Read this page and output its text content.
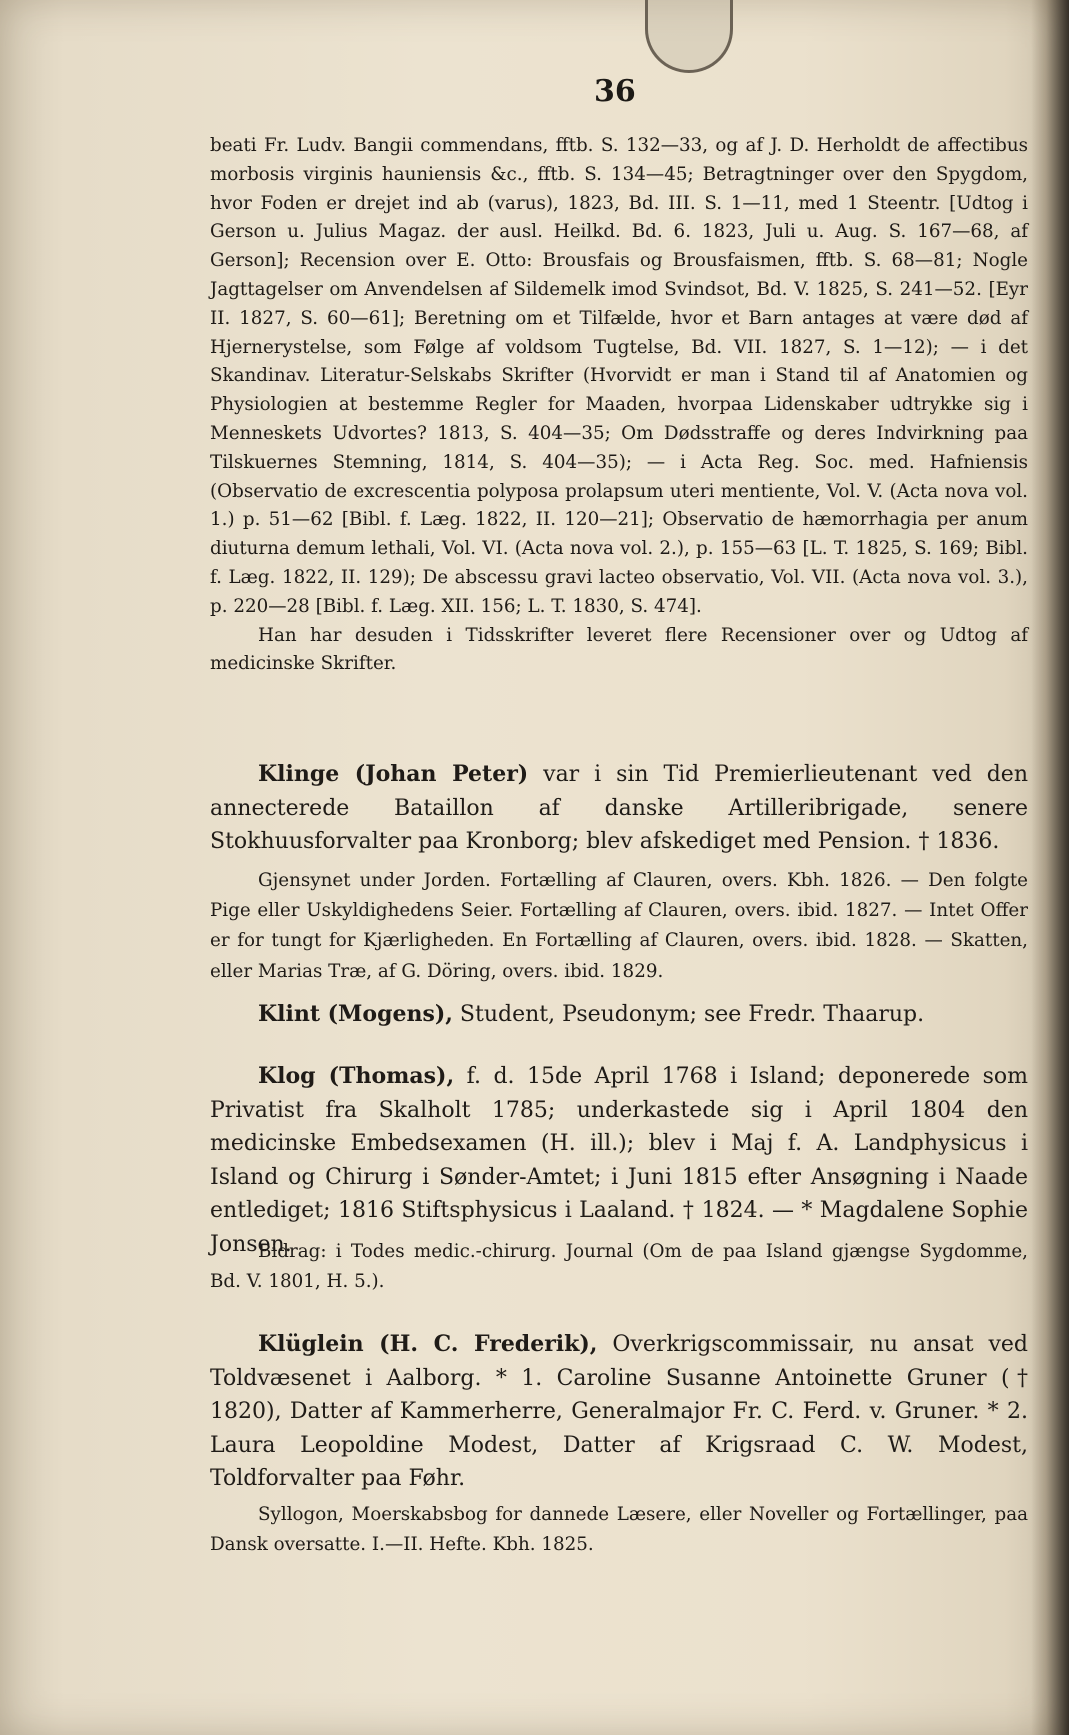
36

beati Fr. Ludv. Bangii commendans, fftb. S. 132—33, og af J. D. Herholdt de affectibus morbosis virginis hauniensis &c., fftb. S. 134—45; Betragtninger over den Spygdom, hvor Foden er drejet ind ab (varus), 1823, Bd. III. S. 1—11, med 1 Steentr. [Udtog i Gerson u. Julius Magaz. der ausl. Heilkd. Bd. 6. 1823, Juli u. Aug. S. 167—68, af Gerson]; Recension over E. Otto: Brousfais og Brousfaismen, fftb. S. 68—81; Nogle Jagttagelser om Anvendelsen af Sildemelk imod Svindsot, Bd. V. 1825, S. 241—52. [Eyr II. 1827, S. 60—61]; Beretning om et Tilfælde, hvor et Barn antages at være død af Hjernerystelse, som Følge af voldsom Tugtelse, Bd. VII. 1827, S. 1—12); — i det Skandinav. Literatur-Selskabs Skrifter (Hvorvidt er man i Stand til af Anatomien og Physiologien at bestemme Regler for Maaden, hvorpaa Lidenskaber udtrykke sig i Menneskets Udvortes? 1813, S. 404—35; Om Dødsstraffe og deres Indvirkning paa Tilskuernes Stemning, 1814, S. 404—35); — i Acta Reg. Soc. med. Hafniensis (Observatio de excrescentia polyposa prolapsum uteri mentiente, Vol. V. (Acta nova vol. 1.) p. 51—62 [Bibl. f. Læg. 1822, II. 120—21]; Observatio de hæmorrhagia per anum diuturna demum lethali, Vol. VI. (Acta nova vol. 2.), p. 155—63 [L. T. 1825, S. 169; Bibl. f. Læg. 1822, II. 129); De abscessu gravi lacteo observatio, Vol. VII. (Acta nova vol. 3.), p. 220—28 [Bibl. f. Læg. XII. 156; L. T. 1830, S. 474].

Han har desuden i Tidsskrifter leveret flere Recensioner over og Udtog af medicinske Skrifter.

Klinge (Johan Peter) var i sin Tid Premierlieutenant ved den annecterede Bataillon af danske Artilleribrigade, senere Stokhuusforvalter paa Kronborg; blev afskediget med Pension. † 1836.
Gjensynet under Jorden. Fortælling af Clauren, overs. Kbh. 1826. — Den folgte Pige eller Uskyldighedens Seier. Fortælling af Clauren, overs. ibid. 1827. — Intet Offer er for tungt for Kjærligheden. En Fortælling af Clauren, overs. ibid. 1828. — Skatten, eller Marias Træ, af G. Döring, overs. ibid. 1829.
Klint (Mogens), Student, Pseudonym; see Fredr. Thaarup.
Klog (Thomas), f. d. 15de April 1768 i Island; deponerede som Privatist fra Skalholt 1785; underkastede sig i April 1804 den medicinske Embedsexamen (H. ill.); blev i Maj f. A. Landphysicus i Island og Chirurg i Sønder-Amtet; i Juni 1815 efter Ansøgning i Naade entlediget; 1816 Stiftsphysicus i Laaland. † 1824. — * Magdalene Sophie Jonsen.
Bidrag: i Todes medic.-chirurg. Journal (Om de paa Island gjængse Sygdomme, Bd. V. 1801, H. 5.).
Klüglein (H. C. Frederik), Overkrigscommissair, nu ansat ved Toldvæsenet i Aalborg. * 1. Caroline Susanne Antoinette Gruner († 1820), Datter af Kammerherre, Generalmajor Fr. C. Ferd. v. Gruner. * 2. Laura Leopoldine Modest, Datter af Krigsraad C. W. Modest, Toldforvalter paa Føhr.
Syllogon, Moerskabsbog for dannede Læsere, eller Noveller og Fortællinger, paa Dansk oversatte. I.—II. Hefte. Kbh. 1825.
